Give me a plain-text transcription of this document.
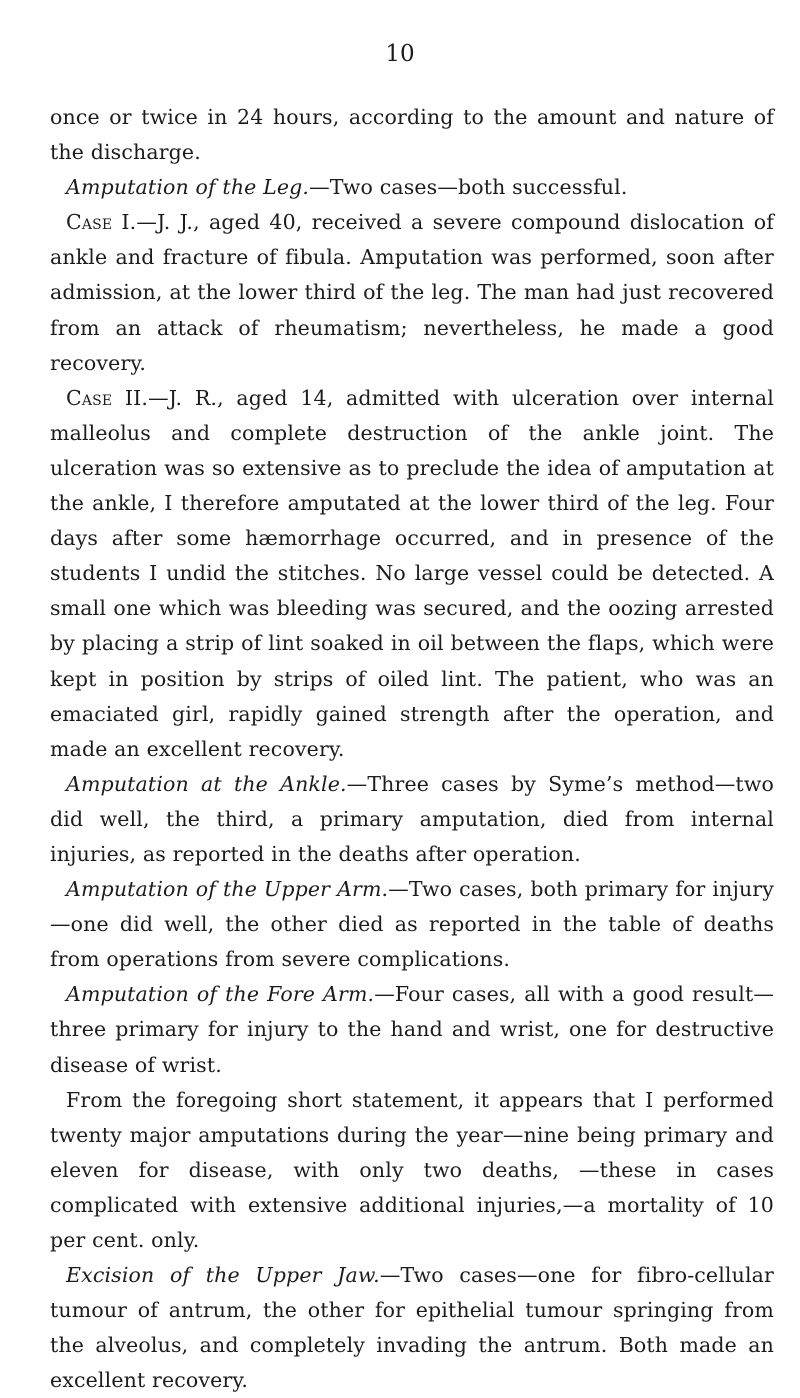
10

once or twice in 24 hours, according to the amount and nature of the discharge.

Amputation of the Leg.—Two cases—both successful.

Case I.—J. J., aged 40, received a severe compound dislocation of ankle and fracture of fibula. Amputation was performed, soon after admission, at the lower third of the leg. The man had just recovered from an attack of rheumatism; nevertheless, he made a good recovery.

Case II.—J. R., aged 14, admitted with ulceration over internal malleolus and complete destruction of the ankle joint. The ulceration was so extensive as to preclude the idea of amputation at the ankle, I therefore amputated at the lower third of the leg. Four days after some hæmorrhage occurred, and in presence of the students I undid the stitches. No large vessel could be detected. A small one which was bleeding was secured, and the oozing arrested by placing a strip of lint soaked in oil between the flaps, which were kept in position by strips of oiled lint. The patient, who was an emaciated girl, rapidly gained strength after the operation, and made an excellent recovery.

Amputation at the Ankle.—Three cases by Syme’s method—two did well, the third, a primary amputation, died from internal injuries, as reported in the deaths after operation.

Amputation of the Upper Arm.—Two cases, both primary for injury—one did well, the other died as reported in the table of deaths from operations from severe complications.

Amputation of the Fore Arm.—Four cases, all with a good result—three primary for injury to the hand and wrist, one for destructive disease of wrist.

From the foregoing short statement, it appears that I performed twenty major amputations during the year—nine being primary and eleven for disease, with only two deaths, —these in cases complicated with extensive additional injuries,—a mortality of 10 per cent. only.

Excision of the Upper Jaw.—Two cases—one for fibro-cellular tumour of antrum, the other for epithelial tumour springing from the alveolus, and completely invading the antrum. Both made an excellent recovery.
